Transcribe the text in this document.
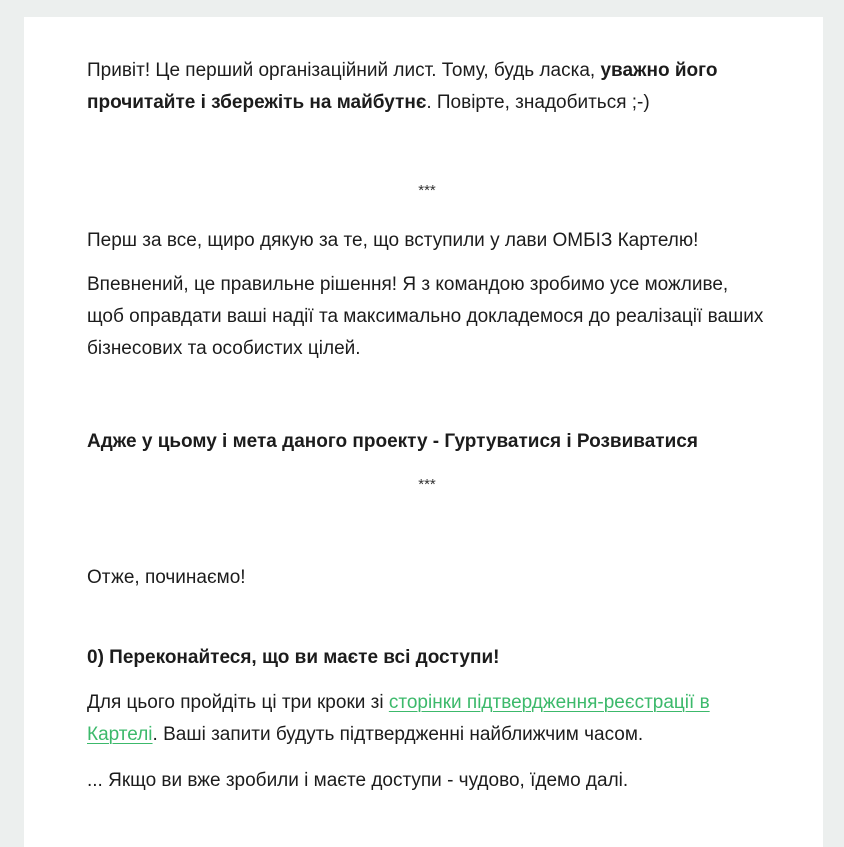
Привіт! Це перший організаційний лист. Тому, будь ласка, уважно його прочитайте і збережіть на майбутнє. Повірте, знадобиться ;-)

***

Перш за все, щиро дякую за те, що вступили у лави ОМБІЗ Картелю!

Впевнений, це правильне рішення! Я з командою зробимо усе можливе, щоб оправдати ваші надії та максимально докладемося до реалізації ваших бізнесових та особистих цілей.

Адже у цьому і мета даного проекту - Гуртуватися і Розвиватися

***

Отже, починаємо!

0) Переконайтеся, що ви маєте всі доступи!

Для цього пройдіть ці три кроки зі сторінки підтвердження-реєстрації в Картелі. Ваші запити будуть підтвердженні найближчим часом.

... Якщо ви вже зробили і маєте доступи - чудово, їдемо далі.
